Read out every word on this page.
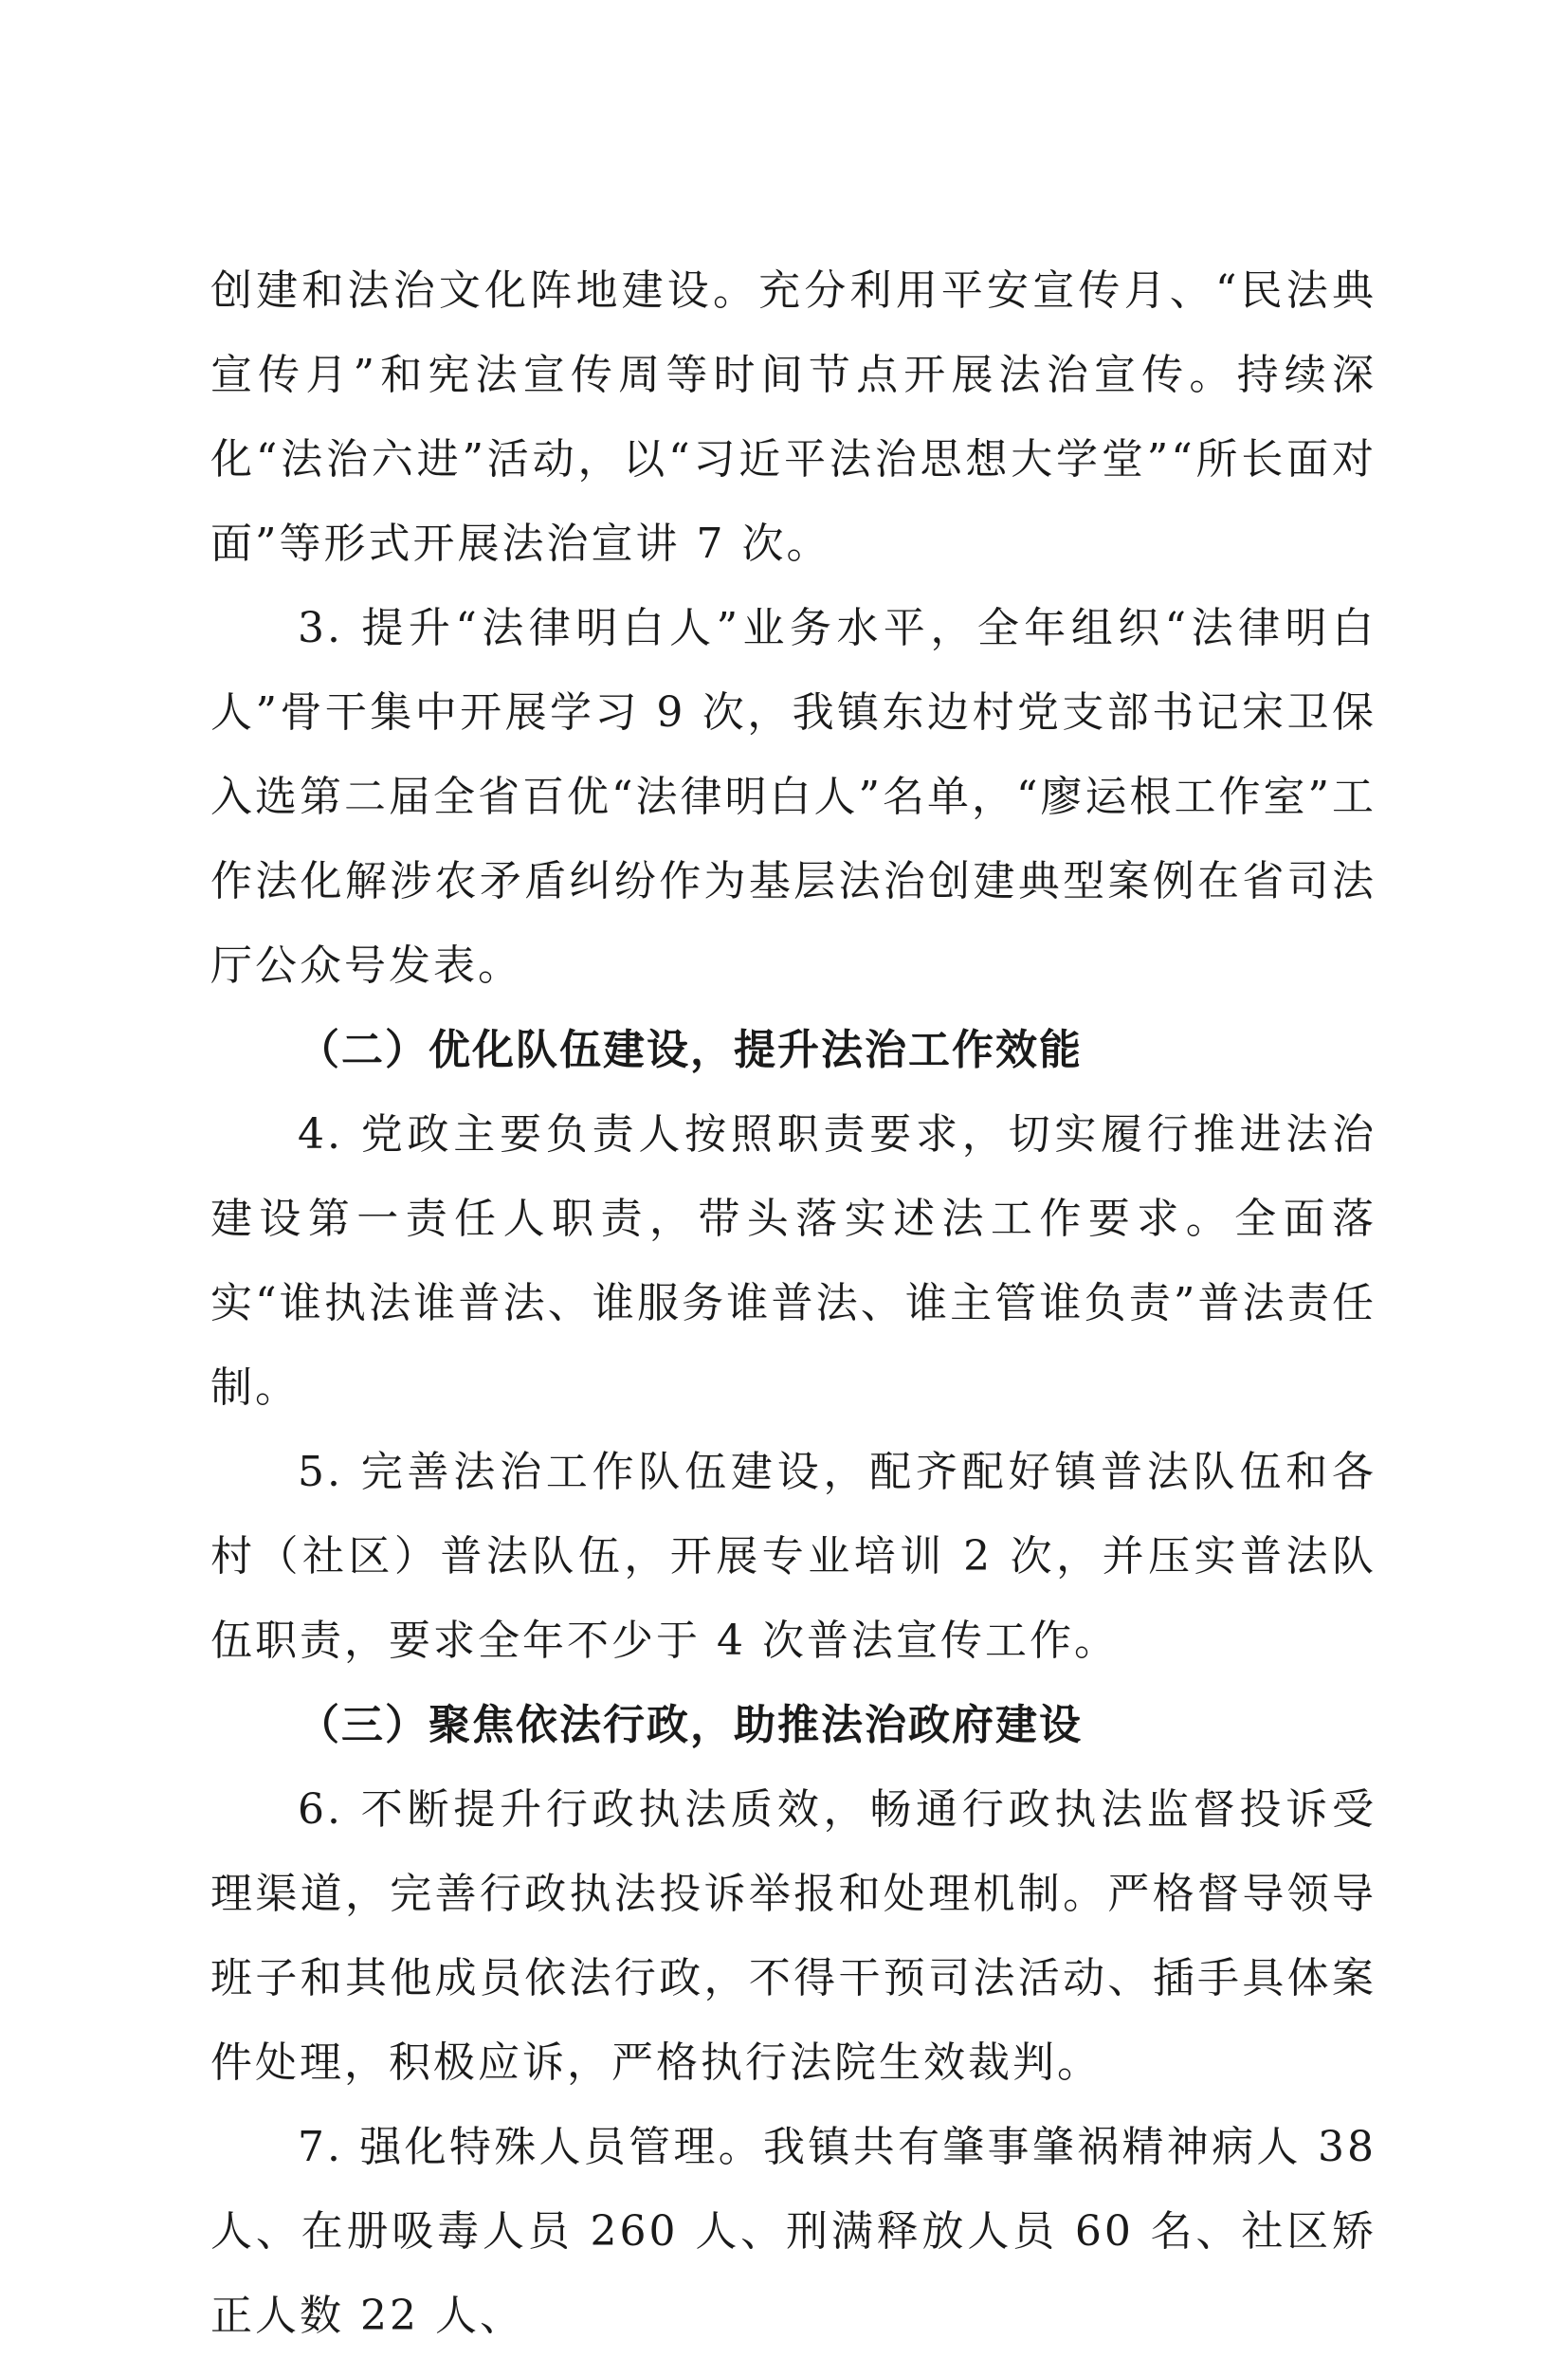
创建和法治文化阵地建设。充分利用平安宣传月、“民法典宣传月”和宪法宣传周等时间节点开展法治宣传。持续深化“法治六进”活动，以“习近平法治思想大学堂”“所长面对面”等形式开展法治宣讲 7 次。

3. 提升“法律明白人”业务水平，全年组织“法律明白人”骨干集中开展学习 9 次，我镇东边村党支部书记宋卫保入选第二届全省百优“法律明白人”名单，“廖运根工作室”工作法化解涉农矛盾纠纷作为基层法治创建典型案例在省司法厅公众号发表。

（二）优化队伍建设，提升法治工作效能

4. 党政主要负责人按照职责要求，切实履行推进法治建设第一责任人职责，带头落实述法工作要求。全面落实“谁执法谁普法、谁服务谁普法、谁主管谁负责”普法责任制。

5. 完善法治工作队伍建设，配齐配好镇普法队伍和各村（社区）普法队伍，开展专业培训 2 次，并压实普法队伍职责，要求全年不少于 4 次普法宣传工作。

（三）聚焦依法行政，助推法治政府建设

6. 不断提升行政执法质效，畅通行政执法监督投诉受理渠道，完善行政执法投诉举报和处理机制。严格督导领导班子和其他成员依法行政，不得干预司法活动、插手具体案件处理，积极应诉，严格执行法院生效裁判。

7. 强化特殊人员管理。我镇共有肇事肇祸精神病人 38 人、在册吸毒人员 260 人、刑满释放人员 60 名、社区矫正人数 22 人、
